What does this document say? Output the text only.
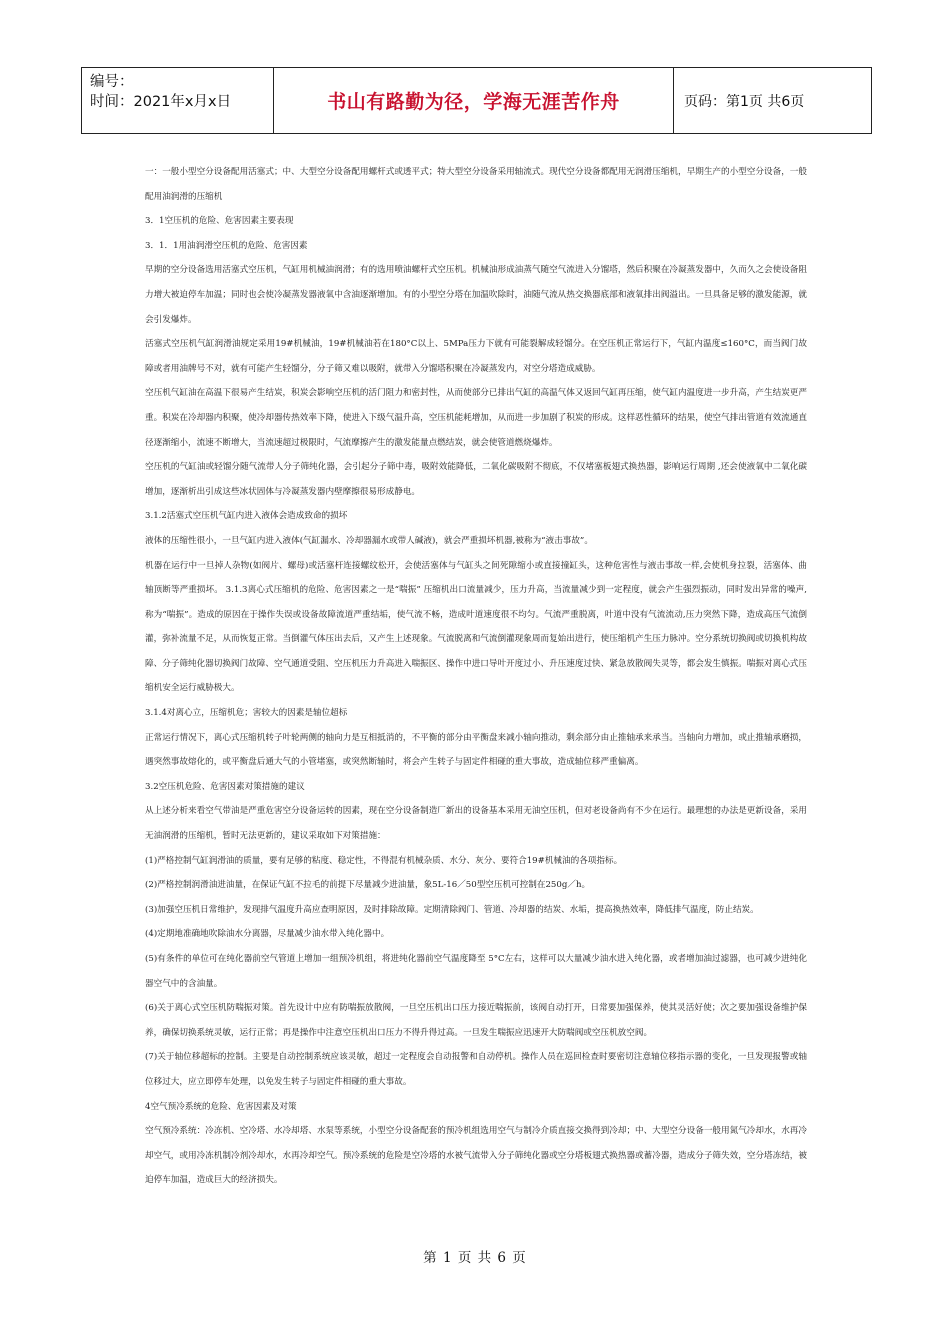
编号：
时间：2021年x月x日	书山有路勤为径，学海无涯苦作舟	页码：第1页 共6页

一：一般小型空分设备配用活塞式；中、大型空分设备配用螺杆式或透平式；特大型空分设备采用轴流式。现代空分设备都配用无润滑压缩机，早期生产的小型空分设备，一般配用油润滑的压缩机

3．1空压机的危险、危害因素主要表现

3．1．1用油润滑空压机的危险、危害因素

早期的空分设备选用活塞式空压机，气缸用机械油润滑；有的选用喷油螺杆式空压机。机械油形成油蒸气随空气流进入分馏塔，然后积聚在冷凝蒸发器中，久而久之会使设备阻力增大被迫停车加温；同时也会使冷凝蒸发器液氧中含油逐渐增加。有的小型空分塔在加温吹除时，油随气流从热交换器底部和液氧排出阀溢出。一旦具备足够的激发能源，就会引发爆炸。

活塞式空压机气缸润滑油规定采用19#机械油，19#机械油若在180°C以上、5MPa压力下就有可能裂解成轻馏分。在空压机正常运行下，气缸内温度≤160°C，而当阀门故障或者用油牌号不对，就有可能产生轻馏分，分子筛又难以吸附，就带入分馏塔积聚在冷凝蒸发内，对空分塔造成威胁。

空压机气缸油在高温下很易产生结炭，积炭会影响空压机的活门阻力和密封性，从而使部分已排出气缸的高温气体又返回气缸再压缩，使气缸内温度进一步升高，产生结炭更严重。积炭在冷却器内积聚，使冷却器传热效率下降，使进入下级气温升高，空压机能耗增加，从而进一步加剧了积炭的形成。这样恶性循环的结果，使空气排出管道有效流通直径逐渐缩小，流速不断增大，当流速超过极限时，气流摩擦产生的激发能量点燃结炭，就会使管道燃烧爆炸。

空压机的气缸油或轻馏分随气流带人分子筛纯化器，会引起分子筛中毒，吸附效能降低，二氧化碳吸附不彻底，不仅堵塞板翅式换热器，影响运行周期 ,还会使液氧中二氧化碳增加，逐渐析出引成这些冰状固体与冷凝蒸发器内壁摩擦很易形成静电。

3.1.2活塞式空压机气缸内进入液体会造成致命的损坏

液体的压缩性很小，一旦气缸内进入液体(气缸漏水、冷却器漏水或带人碱液)，就会严重损坏机器,被称为“液击事故”。

机器在运行中一旦掉人杂物(如阀片、螺母)或活塞杆连接螺纹松开，会使活塞体与气缸头之间死隙缩小或直接撞缸头，这种危害性与液击事故一样,会使机身拉裂，活塞体、曲轴顶断等严重损坏。 3.1.3离心式压缩机的危险、危害因素之一是“喘振” 压缩机出口流量减少，压力升高，当流量减少到一定程度，就会产生强烈振动，同时发出异常的噪声,称为“喘振”。造成的原因在于操作失误或设备故障流道严重结垢，使气流不畅，造成叶道速度很不均匀。气流严重脱离，叶道中没有气流流动,压力突然下降，造成高压气流倒灌，弥补流量不足，从而恢复正常。当倒灌气体压出去后，又产生上述现象。气流脱离和气流倒灌现象周而复始出进行，使压缩机产生压力脉冲。空分系统切换阀或切换机构故障、分子筛纯化器切换阀门故障、空气通道受阻、空压机压力升高进入喘振区、操作中进口导叶开度过小、升压速度过快、紧急放散阀失灵等，都会发生慎振。喘振对离心式压缩机安全运行威胁极大。

3.1.4对离心立，压缩机危；害较大的因素是轴位超标

正常运行情况下，离心式压缩机转子叶轮两侧的轴向力是互相抵消的，不平衡的部分由平衡盘来减小轴向推动，剩余部分由止推轴承来承当。当轴向力增加，或止推轴承磨损，遇突然事故熔化的，或平衡盘后通大气的小管堵塞，或突然断轴时，将会产生转子与固定件相碰的重大事故，造成轴位移严重偏离。

3.2空压机危险、危害因素对策措施的建议

从上述分析来看空气带油是严重危害空分设备运转的因素，现在空分设备制造厂新出的设备基本采用无油空压机，但对老设备尚有不少在运行。最理想的办法是更新设备，采用无油润滑的压缩机，暂时无法更新的，建议采取如下对策措施：

(1)严格控制气缸润滑油的质量，要有足够的粘度、稳定性，不得混有机械杂质、水分、灰分、要符合19#机械油的各项指标。

(2)严格控制润滑油进油量，在保证气缸不拉毛的前提下尽量减少进油量，象5L-16／50型空压机可控制在250g／h。

(3)加强空压机日常维护，发现排气温度升高应查明原因，及时排除故障。定期清除阀门、管道、冷却器的结炭、水垢，提高换热效率，降低排气温度，防止结炭。

(4)定期地准确地吹除油水分离器，尽量减少油水带入纯化器中。

(5)有条件的单位可在纯化器前空气管道上增加一组预冷机组，将进纯化器前空气温度降至 5°C左右，这样可以大量减少油水进入纯化器，或者增加油过滤器，也可减少进纯化器空气中的含油量。

(6)关于离心式空压机防喘振对策。首先设计中应有防喘振放散阀，一旦空压机出口压力接近喘振前，该阀自动打开，日常要加强保养，使其灵活好使；次之要加强设备维护保养，确保切换系统灵敏，运行正常；再是操作中注意空压机出口压力不得升得过高。一旦发生喘振应迅速开大防喘阀或空压机放空阀。

(7)关于轴位移超标的控制。主要是自动控制系统应该灵敏，超过一定程度会自动报警和自动停机。操作人员在巡回检查时要密切注意轴位移指示器的变化，一旦发现报警或轴位移过大，应立即停车处理，以免发生转子与固定件相碰的重大事故。

4空气预冷系统的危险、危害因素及对策

空气预冷系统：冷冻机、空冷塔、水冷却塔、水泵等系统，小型空分设备配套的预冷机组选用空气与制冷介质直接交换得到冷却；中、大型空分设备一般用氮气冷却水，水再冷却空气，或用冷冻机制冷剂冷却水，水再冷却空气。预冷系统的危险是空冷塔的水被气流带入分子筛纯化器或空分塔板翅式换热器或蓄冷器，造成分子筛失效，空分塔冻结，被迫停车加温，造成巨大的经济损失。

第 1 页 共 6 页
